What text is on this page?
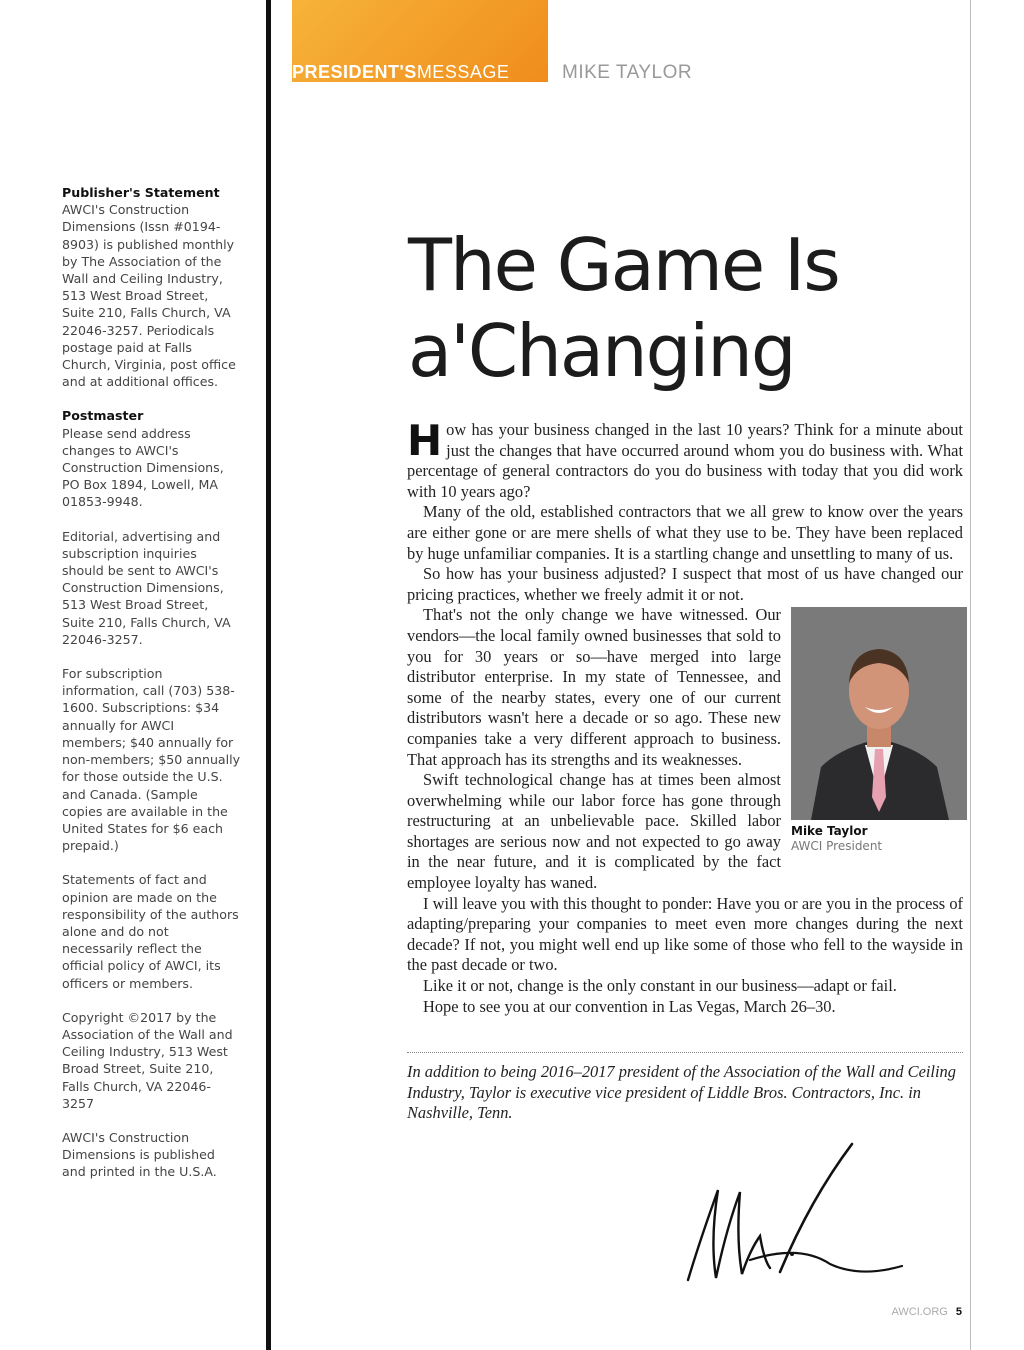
Publisher's Statement
AWCI's Construction Dimensions (Issn #0194-8903) is published monthly by The Association of the Wall and Ceiling Industry, 513 West Broad Street, Suite 210, Falls Church, VA 22046-3257. Periodicals postage paid at Falls Church, Virginia, post office and at additional offices.

Postmaster
Please send address changes to AWCI's Construction Dimensions, PO Box 1894, Lowell, MA 01853-9948.

Editorial, advertising and subscription inquiries should be sent to AWCI's Construction Dimensions, 513 West Broad Street, Suite 210, Falls Church, VA 22046-3257.

For subscription information, call (703) 538-1600. Subscriptions: $34 annually for AWCI members; $40 annually for non-members; $50 annually for those outside the U.S. and Canada. (Sample copies are available in the United States for $6 each prepaid.)

Statements of fact and opinion are made on the responsibility of the authors alone and do not necessarily reflect the official policy of AWCI, its officers or members.

Copyright ©2017 by the Association of the Wall and Ceiling Industry, 513 West Broad Street, Suite 210, Falls Church, VA 22046-3257

AWCI's Construction Dimensions is published and printed in the U.S.A.

PRESIDENT'SMESSAGE	MIKE TAYLOR
The Game Is
a'Changing

How has your business changed in the last 10 years? Think for a minute about just the changes that have occurred around whom you do business with. What percentage of general contractors do you do business with today that you did work with 10 years ago?

Many of the old, established contractors that we all grew to know over the years are either gone or are mere shells of what they use to be. They have been replaced by huge unfamiliar companies. It is a startling change and unsettling to many of us.

So how has your business adjusted? I suspect that most of us have changed our pricing practices, whether we freely admit it or not.

Mike Taylor
AWCI President

That's not the only change we have witnessed. Our vendors—the local family owned businesses that sold to you for 30 years or so—have merged into large distributor enterprise. In my state of Tennessee, and some of the nearby states, every one of our current distributors wasn't here a decade or so ago. These new companies take a very different approach to business. That approach has its strengths and its weaknesses.

Swift technological change has at times been almost overwhelming while our labor force has gone through restructuring at an unbelievable pace. Skilled labor shortages are serious now and not expected to go away in the near future, and it is complicated by the fact employee loyalty has waned.

I will leave you with this thought to ponder: Have you or are you in the process of adapting/preparing your companies to meet even more changes during the next decade? If not, you might well end up like some of those who fell to the wayside in the past decade or two.

Like it or not, change is the only constant in our business—adapt or fail.

Hope to see you at our convention in Las Vegas, March 26–30.

In addition to being 2016–2017 president of the Association of the Wall and Ceiling Industry, Taylor is executive vice president of Liddle Bros. Contractors, Inc. in Nashville, Tenn.
AWCI.ORG 5
